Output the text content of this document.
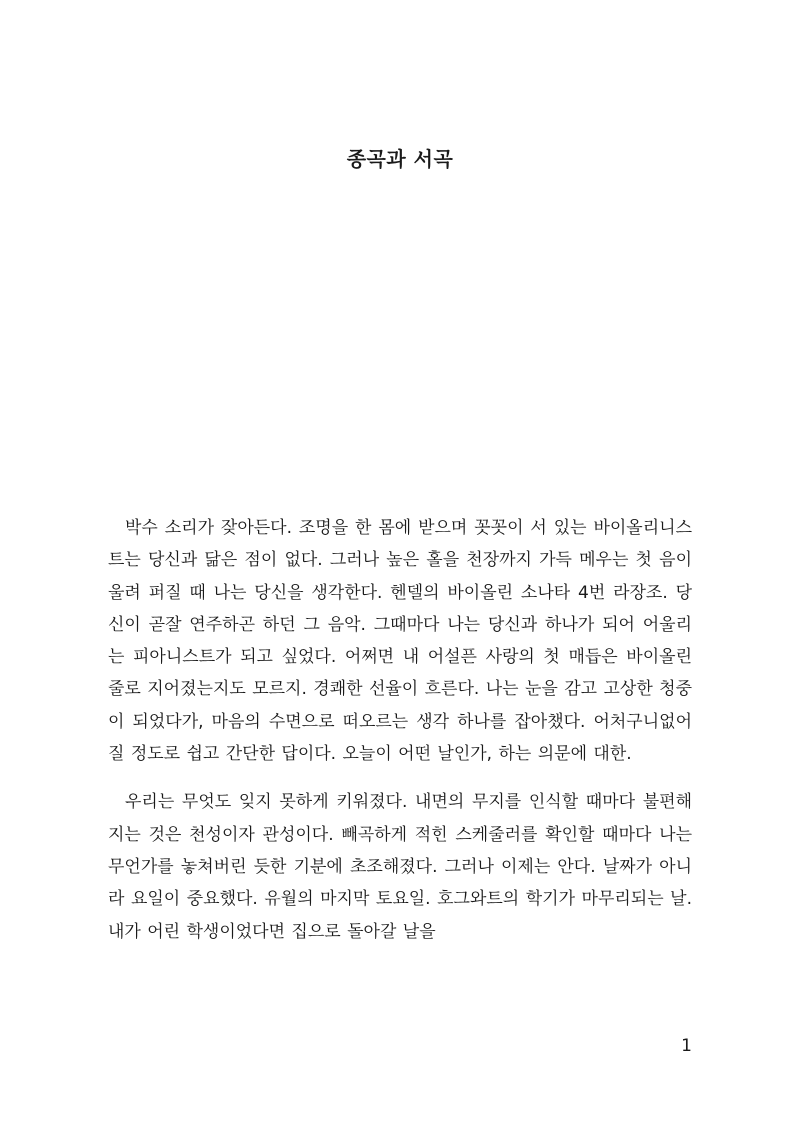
종곡과 서곡

박수 소리가 잦아든다. 조명을 한 몸에 받으며 꼿꼿이 서 있는 바이올리니스트는 당신과 닮은 점이 없다. 그러나 높은 홀을 천장까지 가득 메우는 첫 음이 울려 퍼질 때 나는 당신을 생각한다. 헨델의 바이올린 소나타 4번 라장조. 당신이 곧잘 연주하곤 하던 그 음악. 그때마다 나는 당신과 하나가 되어 어울리는 피아니스트가 되고 싶었다. 어쩌면 내 어설픈 사랑의 첫 매듭은 바이올린 줄로 지어졌는지도 모르지. 경쾌한 선율이 흐른다. 나는 눈을 감고 고상한 청중이 되었다가, 마음의 수면으로 떠오르는 생각 하나를 잡아챘다. 어처구니없어질 정도로 쉽고 간단한 답이다. 오늘이 어떤 날인가, 하는 의문에 대한.

우리는 무엇도 잊지 못하게 키워졌다. 내면의 무지를 인식할 때마다 불편해지는 것은 천성이자 관성이다. 빼곡하게 적힌 스케줄러를 확인할 때마다 나는 무언가를 놓쳐버린 듯한 기분에 초조해졌다. 그러나 이제는 안다. 날짜가 아니라 요일이 중요했다. 유월의 마지막 토요일. 호그와트의 학기가 마무리되는 날. 내가 어린 학생이었다면 집으로 돌아갈 날을

1
